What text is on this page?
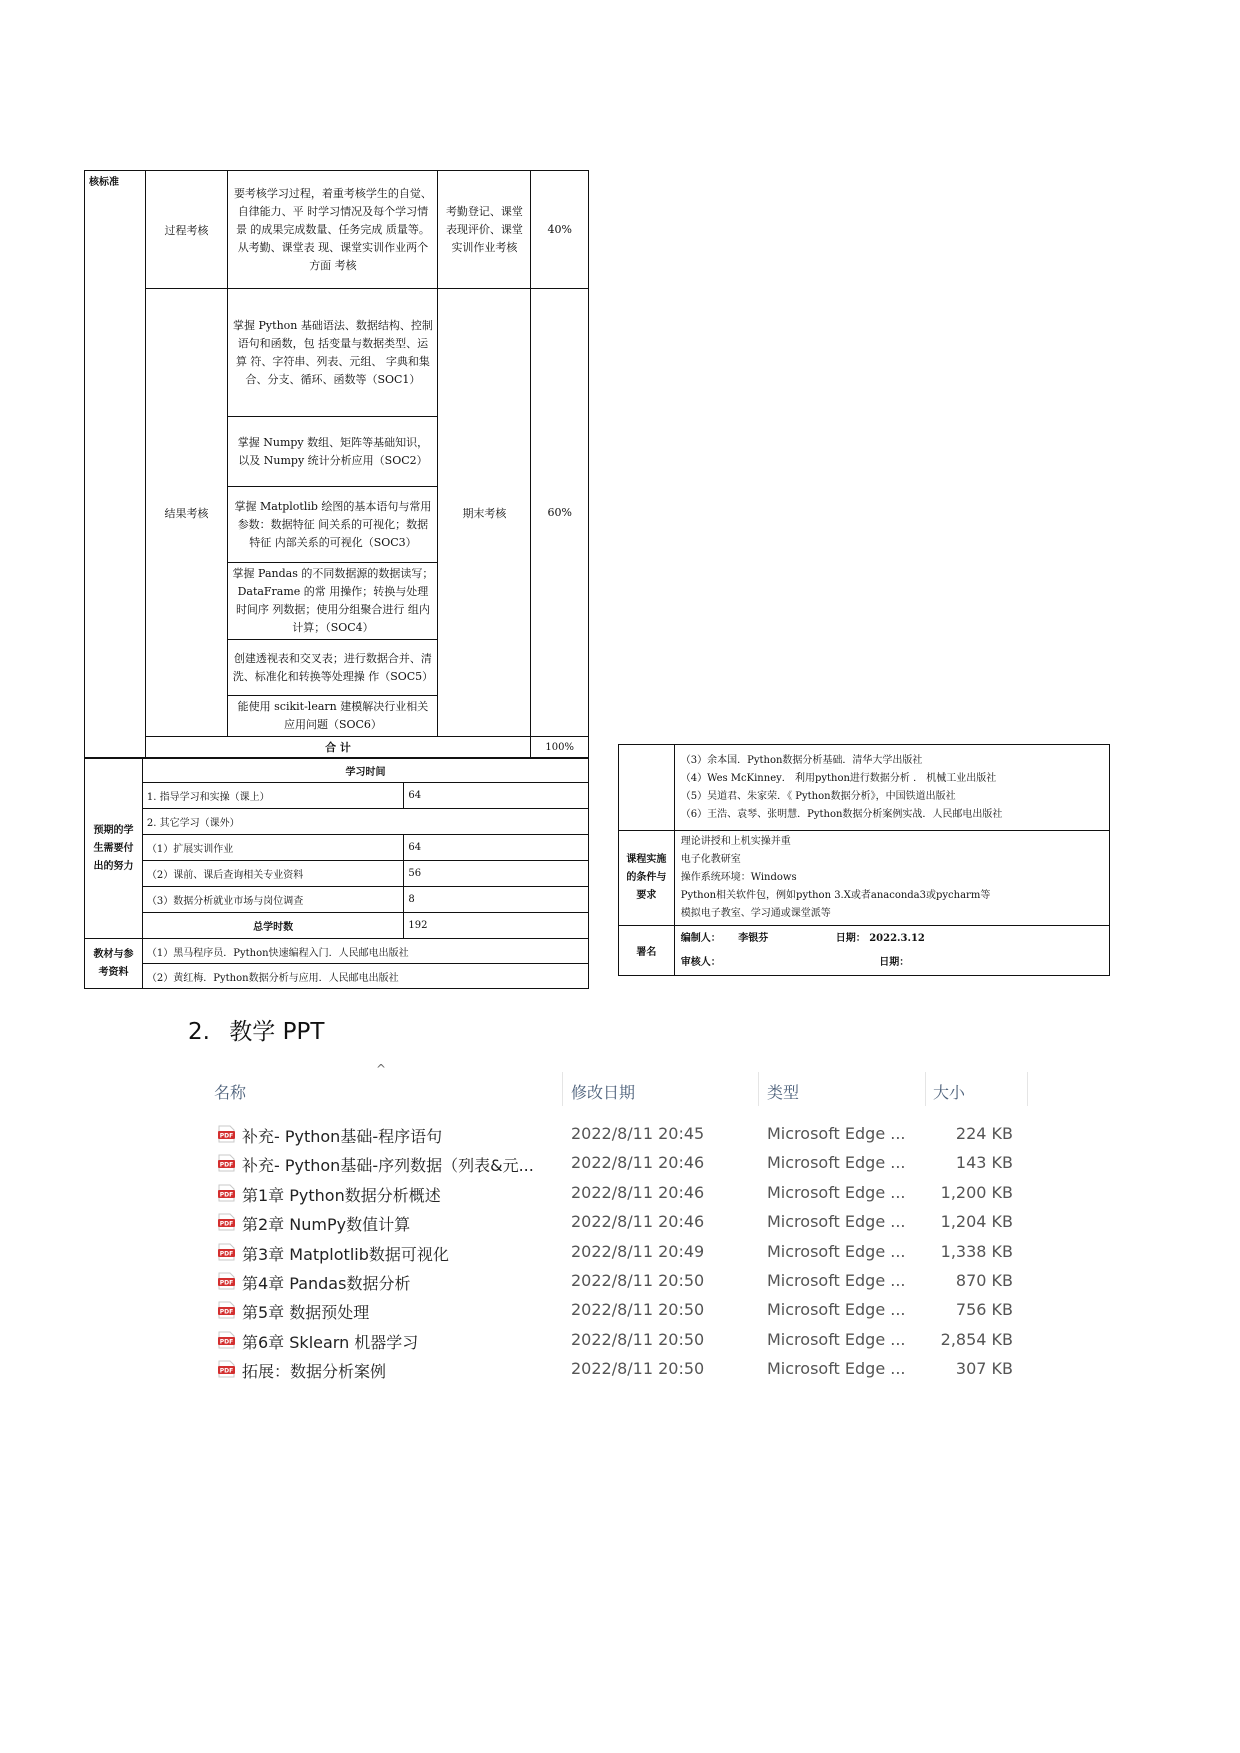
核标准	过程考核	要考核学习过程，着重考核学生的自觉、自律能力、平 时学习情况及每个学习情景 的成果完成数量、任务完成 质量等。从考勤、课堂表 现、课堂实训作业两个方面 考核	考勤登记、课堂表现评价、课堂实训作业考核	40%
	结果考核	掌握 Python 基础语法、数据结构、控制语句和函数，包 括变量与数据类型、运算 符、字符串、列表、元组、 字典和集合、分支、循环、函数等（SOC1）	期末考核	60%
		掌握 Numpy 数组、矩阵等基础知识，以及 Numpy 统计分析应用（SOC2）		
		掌握 Matplotlib 绘图的基本语句与常用参数：数据特征 间关系的可视化；数据特征 内部关系的可视化（SOC3）		
		掌握 Pandas 的不同数据源的数据读写；DataFrame 的常 用操作；转换与处理时间序 列数据；使用分组聚合进行 组内计算；（SOC4）		
		创建透视表和交叉表；进行数据合并、清 洗、标准化和转换等处理操 作（SOC5）		
		能使用 scikit-learn 建模解决行业相关应用问题（SOC6）		
	合 计			100%
预期的学生需要付出的努力	学习时间	
	1. 指导学习和实操（课上）	64
	2. 其它学习（课外）	
	（1）扩展实训作业	64
	（2）课前、课后查询相关专业资料	56
	（3）数据分析就业市场与岗位调查	8
	总学时数	192
教材与参考资料	（1）黑马程序员．Python快速编程入门．人民邮电出版社	
	（2）黄红梅．Python数据分析与应用．人民邮电出版社	

	（3）余本国．Python数据分析基础．清华大学出版社
（4）Wes McKinney． 利用python进行数据分析 ． 机械工业出版社
（5）吴道君、朱家荣．《 Python数据分析》，中国铁道出版社
（6）王浩、袁琴、张明慧．Python数据分析案例实战．人民邮电出版社

课程实施的条件与要求	理论讲授和上机实操并重
电子化教研室
操作系统环境：Windows
Python相关软件包，例如python 3.X或者anaconda3或pycharm等
模拟电子教室、学习通或课堂派等

署名	编制人： 李银芬 日期： 2022.3.12
审核人： 日期：
2. 教学 PPT
^
名称	修改日期	类型	大小
PDF 补充- Python基础-程序语句	2022/8/11 20:45	Microsoft Edge ...	224 KB
PDF 补充- Python基础-序列数据（列表&元... 2022/8/11 20:46	Microsoft Edge ...	143 KB
PDF 第1章 Python数据分析概述	2022/8/11 20:46	Microsoft Edge ... 1,200 KB
PDF 第2章 NumPy数值计算	2022/8/11 20:46	Microsoft Edge ... 1,204 KB
PDF 第3章 Matplotlib数据可视化	2022/8/11 20:49	Microsoft Edge ... 1,338 KB
PDF 第4章 Pandas数据分析	2022/8/11 20:50	Microsoft Edge ...	870 KB
PDF 第5章 数据预处理	2022/8/11 20:50	Microsoft Edge ...	756 KB
PDF 第6章 Sklearn 机器学习	2022/8/11 20:50	Microsoft Edge ... 2,854 KB
PDF 拓展：数据分析案例	2022/8/11 20:50	Microsoft Edge ...	307 KB
